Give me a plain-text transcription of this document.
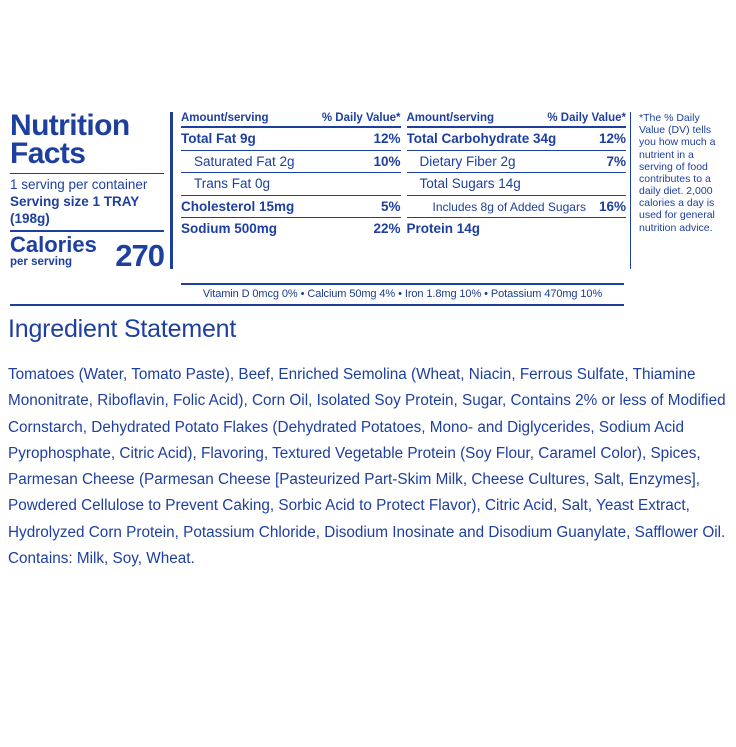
Nutrition
Facts
1 serving per container
Serving size 1 TRAY (198g)
Calories
per serving	270
Amount/serving	% Daily Value*
Total Fat 9g	12%
Saturated Fat 2g	10%
Trans Fat 0g
Cholesterol 15mg	5%
Sodium 500mg	22%
Amount/serving	% Daily Value*
Total Carbohydrate 34g	12%
Dietary Fiber 2g	7%
Total Sugars 14g
Includes 8g of Added Sugars 16%
Protein 14g
*The % Daily Value (DV) tells you how much a nutrient in a serving of food contributes to a daily diet. 2,000 calories a day is used for general nutrition advice.
Vitamin D 0mcg 0% • Calcium 50mg 4% • Iron 1.8mg 10% • Potassium 470mg 10%
Ingredient Statement
Tomatoes (Water, Tomato Paste), Beef, Enriched Semolina (Wheat, Niacin, Ferrous Sulfate, Thiamine Mononitrate, Riboflavin, Folic Acid), Corn Oil, Isolated Soy Protein, Sugar, Contains 2% or less of Modified Cornstarch, Dehydrated Potato Flakes (Dehydrated Potatoes, Mono- and Diglycerides, Sodium Acid Pyrophosphate, Citric Acid), Flavoring, Textured Vegetable Protein (Soy Flour, Caramel Color), Spices, Parmesan Cheese (Parmesan Cheese [Pasteurized Part-Skim Milk, Cheese Cultures, Salt, Enzymes], Powdered Cellulose to Prevent Caking, Sorbic Acid to Protect Flavor), Citric Acid, Salt, Yeast Extract, Hydrolyzed Corn Protein, Potassium Chloride, Disodium Inosinate and Disodium Guanylate, Safflower Oil. Contains: Milk, Soy, Wheat.
